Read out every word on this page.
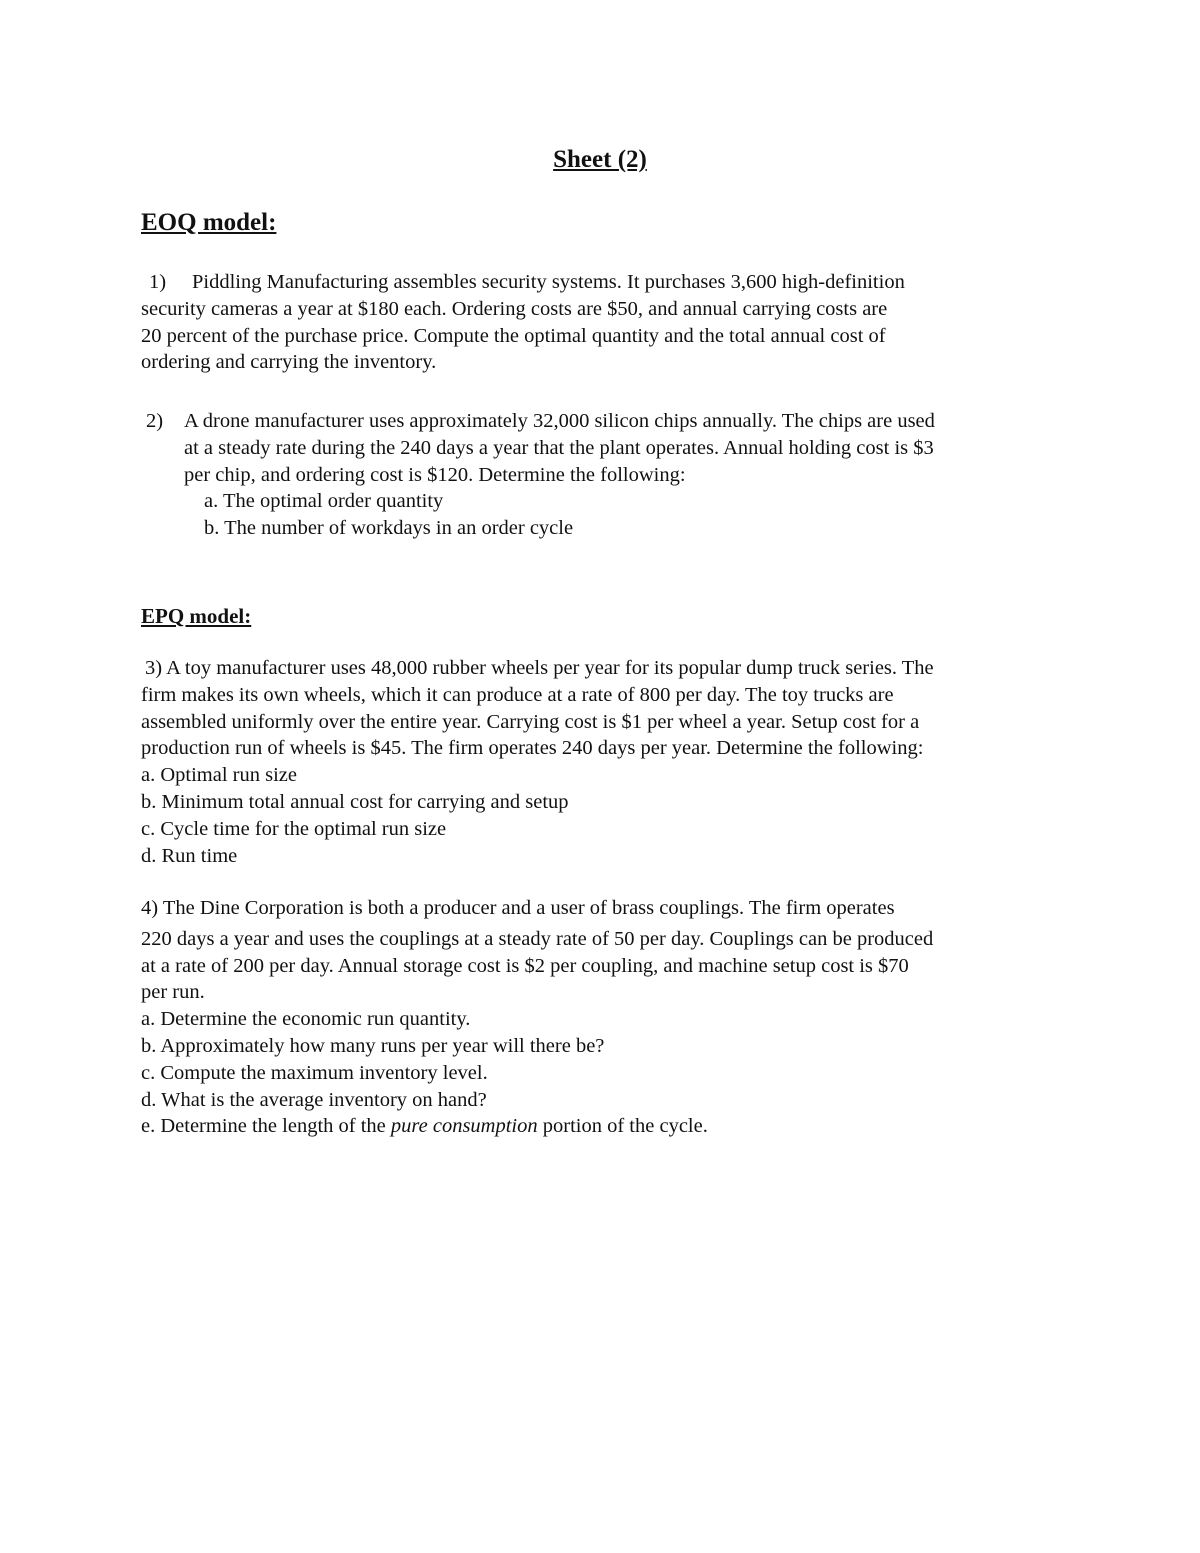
Sheet (2)
EOQ model:
1) Piddling Manufacturing assembles security systems. It purchases 3,600 high-definition
security cameras a year at $180 each. Ordering costs are $50, and annual carrying costs are
20 percent of the purchase price. Compute the optimal quantity and the total annual cost of
ordering and carrying the inventory.
2) A drone manufacturer uses approximately 32,000 silicon chips annually. The chips are used
at a steady rate during the 240 days a year that the plant operates. Annual holding cost is $3
per chip, and ordering cost is $120. Determine the following:
a. The optimal order quantity
b. The number of workdays in an order cycle
EPQ model:
3) A toy manufacturer uses 48,000 rubber wheels per year for its popular dump truck series. The
firm makes its own wheels, which it can produce at a rate of 800 per day. The toy trucks are
assembled uniformly over the entire year. Carrying cost is $1 per wheel a year. Setup cost for a
production run of wheels is $45. The firm operates 240 days per year. Determine the following:
a. Optimal run size
b. Minimum total annual cost for carrying and setup
c. Cycle time for the optimal run size
d. Run time
4) The Dine Corporation is both a producer and a user of brass couplings. The firm operates
220 days a year and uses the couplings at a steady rate of 50 per day. Couplings can be produced
at a rate of 200 per day. Annual storage cost is $2 per coupling, and machine setup cost is $70
per run.
a. Determine the economic run quantity.
b. Approximately how many runs per year will there be?
c. Compute the maximum inventory level.
d. What is the average inventory on hand?
e. Determine the length of the pure consumption portion of the cycle.
